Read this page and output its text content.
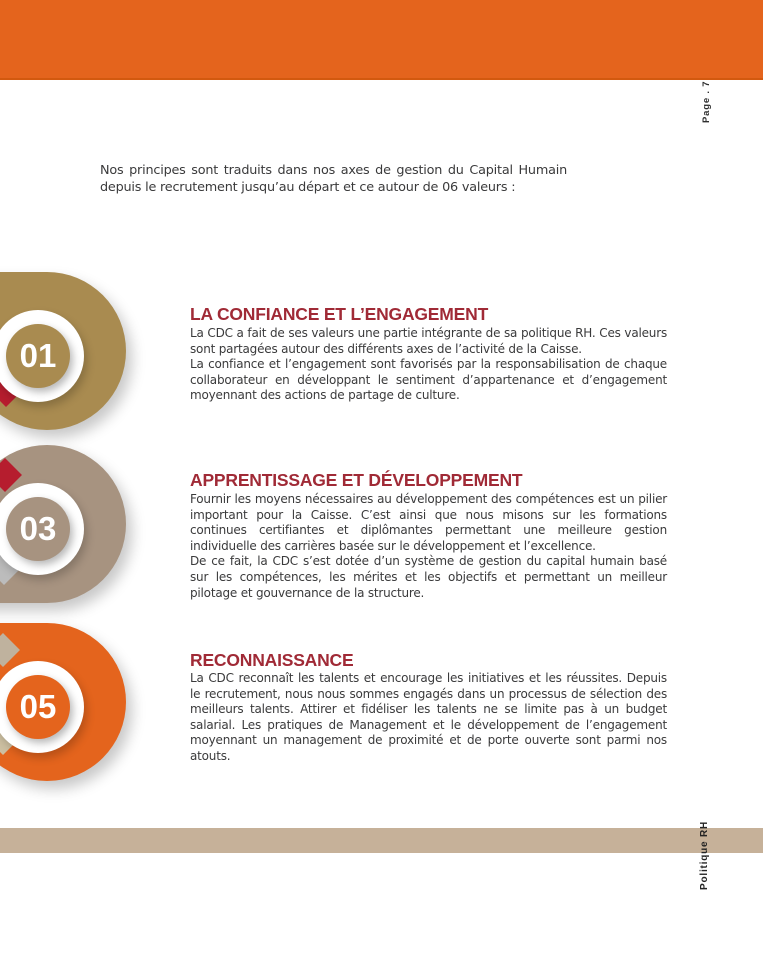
Page . 7
Nos principes sont traduits dans nos axes de gestion du Capital Humain depuis le recrutement jusqu’au départ et ce autour de 06 valeurs :
01
03
05
LA CONFIANCE ET L’ENGAGEMENT

La CDC a fait de ses valeurs une partie intégrante de sa politique RH. Ces valeurs sont partagées autour des différents axes de l’activité de la Caisse.

La confiance et l’engagement sont favorisés par la responsabilisation de chaque collaborateur en développant le sentiment d’appartenance et d’engagement moyennant des actions de partage de culture.

APPRENTISSAGE ET DÉVELOPPEMENT

Fournir les moyens nécessaires au développement des compétences est un pilier important pour la Caisse. C’est ainsi que nous misons sur les formations continues certifiantes et diplômantes permettant une meilleure gestion individuelle des carrières basée sur le développement et l’excellence.

De ce fait, la CDC s’est dotée d’un système de gestion du capital humain basé sur les compétences, les mérites et les objectifs et permettant un meilleur pilotage et gouvernance de la structure.

RECONNAISSANCE

La CDC reconnaît les talents et encourage les initiatives et les réussites. Depuis le recrutement, nous nous sommes engagés dans un processus de sélection des meilleurs talents. Attirer et fidéliser les talents ne se limite pas à un budget salarial. Les pratiques de Management et le développement de l’engagement moyennant un management de proximité et de porte ouverte sont parmi nos atouts.

Politique RH
